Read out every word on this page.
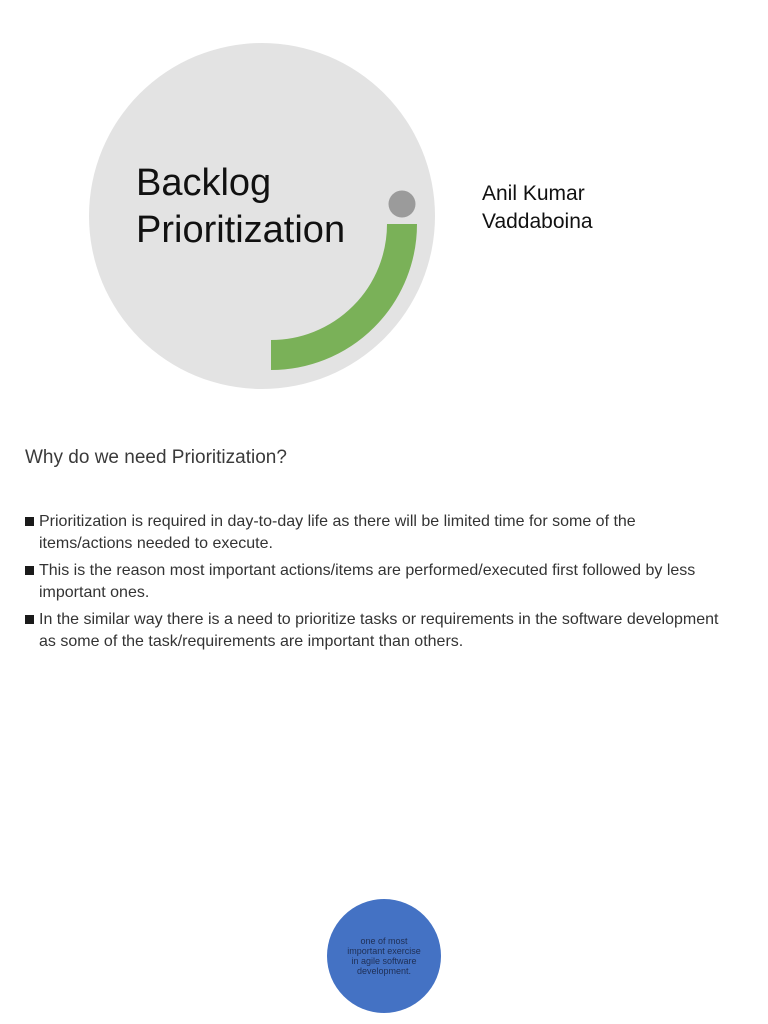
Backlog
Prioritization
Anil Kumar
Vaddaboina
Why do we need Prioritization?
Prioritization is required in day-to-day life as there will be limited time for some of the items/actions needed to execute.
This is the reason most important actions/items are performed/executed first followed by less important ones.
In the similar way there is a need to prioritize tasks or requirements in the software development as some of the task/requirements are important than others.
one of most important exercise in agile software development.
